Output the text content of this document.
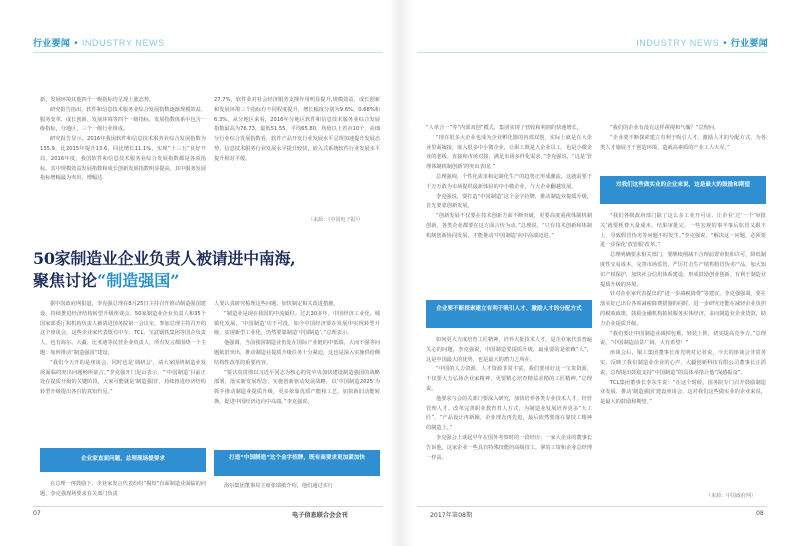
行业要闻 • INDUSTRY NEWS

新，发展环境其他四个一级指标均呈现上涨态势。

研究报告指出，软件和信息技术服务业综合发展指数逐渐规模效益、服务变革、成长创新、发展环境等四个一级指标，发展指数体系中包含一级指标，分地区，三个一级行业组成。

研究报告显示，2016年我国软件和信息技术服务业综合发展指数为135.9，比2015年提升13.6，同比增长11.1%，实现“十三五”良好开局。2016年度，我国软件和信息技术服务业综合发展指数都是各项指标。其中规模效益发展指数和成长创新发展指数明显提高，其中服务发展指标增幅最为突出，增幅达

27.7%，软件业对社会经济服务支撑作用明显提升,规模效益，成长创新和发展环境三个指标有不同程度提升，增长幅度分别为9.6%、0.68%和6.3%，从分地区来看，2016年分地区软件和信息技术服务业综合发展指数最高为76.73，最低51.55，平均65.80，均值以上省市10个，从细分行业综合发展指数看，软件产品开发行业发展水平呈现加速提升发展态势，信息技术服务行业发展水平提升较快，嵌入式系统软件行业发展水平提升相对平缓。

（来源：《中国电子报》）
50家制造业企业负责人被请进中南海,
聚焦讨论“制造强国”

据中国政府网报道，李克强总理在8月25日主持召开推动制造强国建设、持续推进经济结构转型升级座谈会。50家制造业企业负责人和35个国家部委厅和机构负责人被请进国务院第一会议室，参加总理主持召开的这个座谈会，这些企业家代表既有中车、TCL、宝武钢铁集团等国企负责人，也有海尔、大疆、比亚迪等民营企业负责人，所有发言都围绕一个主题：如何推动“制造强国”建设。

“我们今天开的是座谈会，同时也是‘调研会’，请大家围绕制造业发展面临的突出问题畅所欲言。”李克强开门见山表示，“‘中国制造’目前正处在提质升级的关键阶段，大家可能就是‘制造强国’，持续推进经济结构转型升级提出各自的真知灼见。”

企业家直面问题，总理现场提要求

在总理一再鼓励下，企业家发言代表纷纷“揭短”直面制造业面临的问题，李克强现场要求有关部门负责

人要认真研究梳理这些问题，加快制定相关改进措施。

“制造业是现在我国的中流砥柱。过去30多年，中国经济工业化、城镇化发展，‘中国制造’功不可没，如今中国经济要在发展中实现转型升级，实现新型工业化，仍然要靠制造‘中国制造’。”总理表示。

他强调，当前我国制造业仍处在国际产业链的中低端，大而不强等问题依旧突出，推动制造业提质升级任务十分紧迫，这也是深入实施供给侧结构性改革的重要内容。

“要认真贯彻以习近平同志为核心的党中央加快建设制造强国的战略部署，落实新发展理念，实施创新驱动发展战略，以‘中国制造2025’为抓手推动制造业提质升级，更多依靠优质产能和工艺，加快新旧动能转换，促进中国经济迈向中高端。”李克强说。

打造“中国制造”这个金字招牌，既有高要求更加紧加快

海尔集团董事局主席张瑞敏介绍，他们通过实行

07	电子信息联合会会刊
INDUSTRY NEWS • 行业要闻

“人单合一”等“内部双创”模式，集团实现了营收和利润的快速增长。

“现在很多大企业也成为企业孵化器的内部双创，实际上就是在大企业里面嫁接，嵌入很多中小微企业，让职工既是大企业员工，也是小微企业的老板。直接和市场对接，满足市场多样化需求。”李克强说，“这是‘管理体制机制创新’的突出表现。”

总理强调，个性化需求和定制化生产的趋势正形成潮流，这就需要千千万万敢为市场提供最新体验的中小微企业，与大企业翻越发展。

李克强说，要打造“中国制造”这个金字招牌，推动制造业提质升级，首先要靠创新发展。

“创新发展不仅要在技术创新方面不断突破，更要高度重视体制机制创新。各类企业都要在这方面言传为动。”总理说，“只有技术创新和体制机制创新协同发展，才能推动‘中国制造’向中高端迈进。”

企业要不断探索建立有利于吸引人才、激励人才的分配方式

如何更大力度培育工匠精神，培养大批技术人才，是企业家代表普遍关心的问题，李克强说，中国制造要提质升级，最重要的是依赖“人”，这是中国最大的优势，也是最大的潜力之所在。

“中国的人力资源、人才资源非常丰富，我们要用好这一宝贵资源，不仅要大力弘扬企业家精神，更要精心培育精益求精的工匠精神。”总理说。

他要求与会的关部门要深入研究，加快培养各类专业技术人才，经营管理人才、改革完善职业教育育人方式，为制造业发展培养更多“大工匠”。“产品设计再新颖，企业理念再先进，最后依然要落在靠技工精神的制造上。”

李克强会上谈起早年在国外考察时的一段经历：一家大企业的董事长告诉他，这家企业一些具有特殊技能的高级技工，拿的工资和企业总经理一样高。

“我们的企业有没有这样视视和气魄？”总理问。

“企业要不断探索建立有利于吸引人才、激励人才的分配方式，为各类人才施展才干创造环境，造就高素质的产业工人大军。”

对我们这些做实业的企业来说，这是最大的鼓励和期望

“我们各级政府部门除了这么多工业开可证，让企业‘过’一个‘审批关’就要耗费大量成本，结果审批完，一些宏观的事半事后监管又跟不上，导致假冒伪劣等问题不时发生。”李克强说，“解决这一问题，必须要进一步深化‘放管服’改革。”

总理明确要求相关部门，要继续削减不合理前置审批和许可，降低制度性交易成本，完善市场监管，严厉打击生产销售假冒伪劣产品，加大知识产权保护，加快社会信用体系建设，形成鼓励创业创新、有利于制造业提质升级的环境。

针对企业家代表提出的“进一步减税降费”等建议，李克强强调，要在落实好已出台各项减税降费措施的同时，进一步研究还能在减轻企业负担的税收政策，鼓励金融机构拓展服务实体经济，多向制造业企业贷款，助力企业提质升级。

“我们要让中国制造业减掉包袱，轻装上阵，切实提高竞争力。”总理说，“中国制造前景广阔，大有希望！”

座谈会后，铜工集团董事长黄光明对记者说，今天的座谈会非常务实，反映了我们制造业企业的心声，大疆创新科技有限公司董事长汪滔说，总理提出鼓励支持“中国制造”的具体举措让他“深感振奋”。

TCL集团董事长李东生说：“在这个时候，国务院专门召开鼓励制造业发展、推动‘制造强国’建设座谈会，这对我们这些做实业的企业来说，是最大的鼓励和期望。”

（来源：中国政府网）
2017年第08期	08
